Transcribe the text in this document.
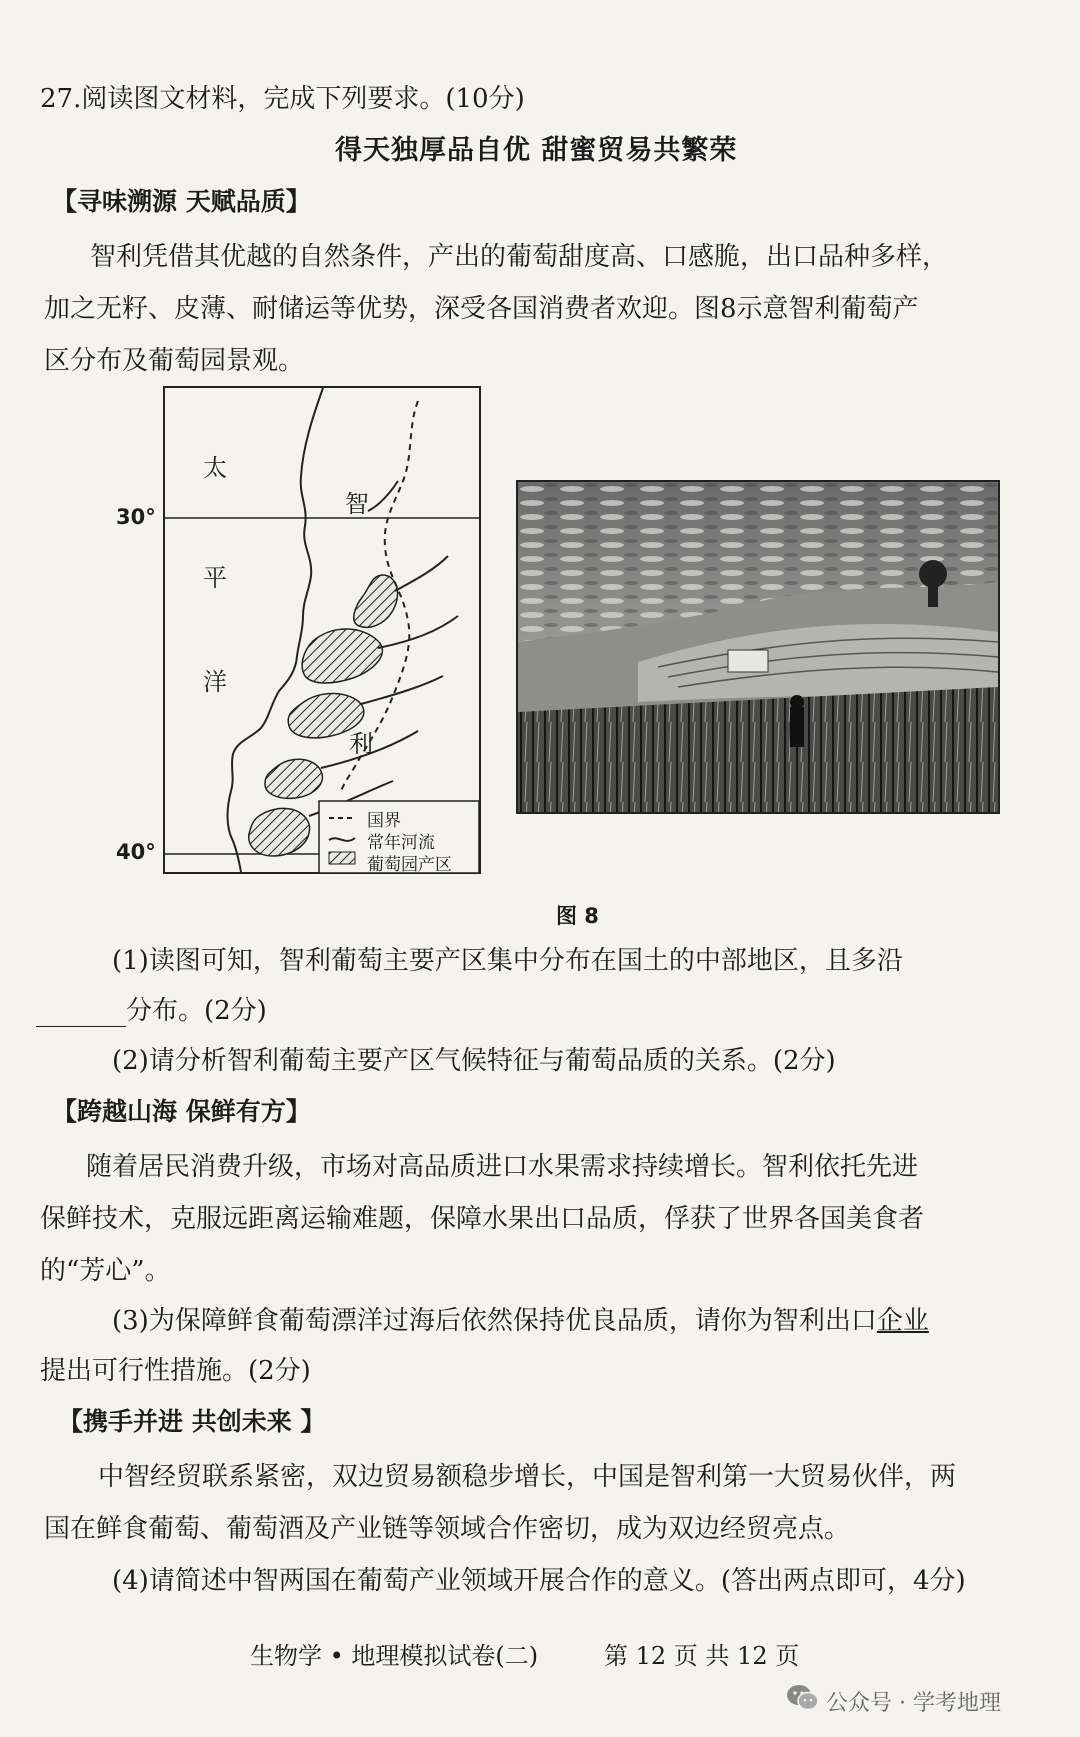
27.阅读图文材料，完成下列要求。(10分)
得天独厚品自优 甜蜜贸易共繁荣
【寻味溯源 天赋品质】
智利凭借其优越的自然条件，产出的葡萄甜度高、口感脆，出口品种多样，
加之无籽、皮薄、耐储运等优势，深受各国消费者欢迎。图8示意智利葡萄产
区分布及葡萄园景观。
太
平
洋
智
利
国界
常年河流
葡萄园产区
30°
40°
图 8
(1)读图可知，智利葡萄主要产区集中分布在国土的中部地区，且多沿
分布。(2分)
(2)请分析智利葡萄主要产区气候特征与葡萄品质的关系。(2分)
【跨越山海 保鲜有方】
随着居民消费升级，市场对高品质进口水果需求持续增长。智利依托先进
保鲜技术，克服远距离运输难题，保障水果出口品质，俘获了世界各国美食者
的“芳心”。
(3)为保障鲜食葡萄漂洋过海后依然保持优良品质，请你为智利出口企业
提出可行性措施。(2分)
【携手并进 共创未来 】
中智经贸联系紧密，双边贸易额稳步增长，中国是智利第一大贸易伙伴，两
国在鲜食葡萄、葡萄酒及产业链等领域合作密切，成为双边经贸亮点。
(4)请简述中智两国在葡萄产业领域开展合作的意义。(答出两点即可，4分)
生物学 • 地理模拟试卷(二)	第 12 页 共 12 页
公众号 · 学考地理
